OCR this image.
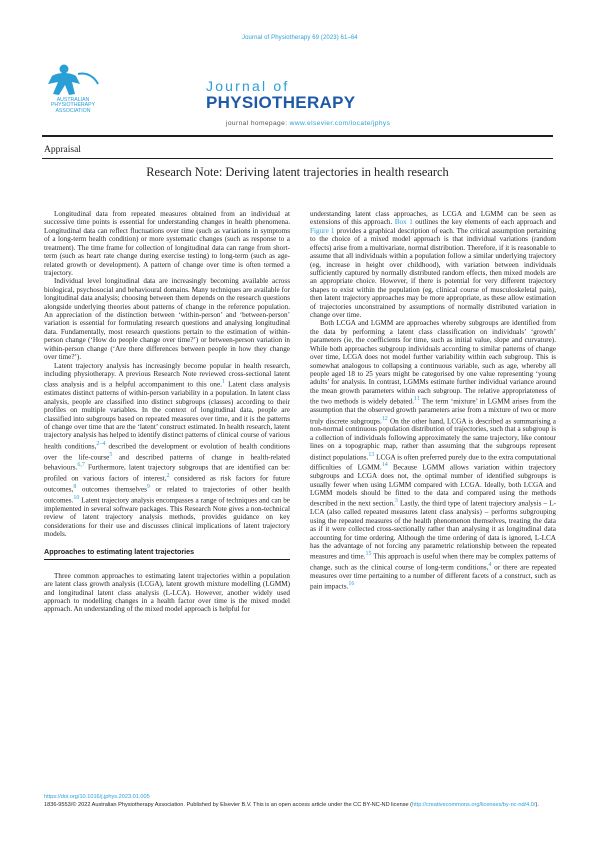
Journal of Physiotherapy 69 (2023) 61–64
AUSTRALIAN
PHYSIOTHERAPY
ASSOCIATION
Journal of
PHYSIOTHERAPY
journal homepage: www.elsevier.com/locate/jphys
Appraisal
Research Note: Deriving latent trajectories in health research

Longitudinal data from repeated measures obtained from an individual at successive time points is essential for understanding changes in health phenomena. Longitudinal data can reflect fluctuations over time (such as variations in symptoms of a long-term health condition) or more systematic changes (such as response to a treatment). The time frame for collection of longitudinal data can range from short-term (such as heart rate change during exercise testing) to long-term (such as age-related growth or development). A pattern of change over time is often termed a trajectory.

Individual level longitudinal data are increasingly becoming available across biological, psychosocial and behavioural domains. Many techniques are available for longitudinal data analysis; choosing between them depends on the research questions alongside underlying theories about patterns of change in the reference population. An appreciation of the distinction between ‘within-person’ and ‘between-person’ variation is essential for formulating research questions and analysing longitudinal data. Fundamentally, most research questions pertain to the estimation of within-person change (‘How do people change over time?’) or between-person variation in within-person change (‘Are there differences between people in how they change over time?’).

Latent trajectory analysis has increasingly become popular in health research, including physiotherapy. A previous Research Note reviewed cross-sectional latent class analysis and is a helpful accompaniment to this one.$^1$ Latent class analysis estimates distinct patterns of within-person variability in a population. In latent class analysis, people are classified into distinct subgroups (classes) according to their profiles on multiple variables. In the context of longitudinal data, people are classified into subgroups based on repeated measures over time, and it is the patterns of change over time that are the ‘latent’ construct estimated. In health research, latent trajectory analysis has helped to identify distinct patterns of clinical course of various health conditions,$^{2-4}$ described the development or evolution of health conditions over the life-course$^5$ and described patterns of change in health-related behaviours.$^{6,7}$ Furthermore, latent trajectory subgroups that are identified can be: profiled on various factors of interest,$^2$ considered as risk factors for future outcomes,$^8$ outcomes themselves$^9$ or related to trajectories of other health outcomes.$^{10}$ Latent trajectory analysis encompasses a range of techniques and can be implemented in several software packages. This Research Note gives a non-technical review of latent trajectory analysis methods, provides guidance on key considerations for their use and discusses clinical implications of latent trajectory models.

Approaches to estimating latent trajectories

Three common approaches to estimating latent trajectories within a population are latent class growth analysis (LCGA), latent growth mixture modelling (LGMM) and longitudinal latent class analysis (L-LCA). However, another widely used approach to modelling changes in a health factor over time is the mixed model approach. An understanding of the mixed model approach is helpful for

understanding latent class approaches, as LCGA and LGMM can be seen as extensions of this approach. Box 1 outlines the key elements of each approach and Figure 1 provides a graphical description of each. The critical assumption pertaining to the choice of a mixed model approach is that individual variations (random effects) arise from a multivariate, normal distribution. Therefore, if it is reasonable to assume that all individuals within a population follow a similar underlying trajectory (eg, increase in height over childhood), with variation between individuals sufficiently captured by normally distributed random effects, then mixed models are an appropriate choice. However, if there is potential for very different trajectory shapes to exist within the population (eg, clinical course of musculoskeletal pain), then latent trajectory approaches may be more appropriate, as these allow estimation of trajectories unconstrained by assumptions of normally distributed variation in change over time.

Both LCGA and LGMM are approaches whereby subgroups are identified from the data by performing a latent class classification on individuals’ ‘growth’ parameters (ie, the coefficients for time, such as initial value, slope and curvature). While both approaches subgroup individuals according to similar patterns of change over time, LCGA does not model further variability within each subgroup. This is somewhat analogous to collapsing a continuous variable, such as age, whereby all people aged 18 to 25 years might be categorised by one value representing ‘young adults’ for analysis. In contrast, LGMMs estimate further individual variance around the mean growth parameters within each subgroup. The relative appropriateness of the two methods is widely debated.$^{11}$ The term ‘mixture’ in LGMM arises from the assumption that the observed growth parameters arise from a mixture of two or more truly discrete subgroups.$^{12}$ On the other hand, LCGA is described as summarising a non-normal continuous population distribution of trajectories, such that a subgroup is a collection of individuals following approximately the same trajectory, like contour lines on a topographic map, rather than assuming that the subgroups represent distinct populations.$^{13}$ LCGA is often preferred purely due to the extra computational difficulties of LGMM.$^{14}$ Because LGMM allows variation within trajectory subgroups and LCGA does not, the optimal number of identified subgroups is usually fewer when using LGMM compared with LCGA. Ideally, both LCGA and LGMM models should be fitted to the data and compared using the methods described in the next section.$^3$ Lastly, the third type of latent trajectory analysis – L-LCA (also called repeated measures latent class analysis) – performs subgrouping using the repeated measures of the health phenomenon themselves, treating the data as if it were collected cross-sectionally rather than analysing it as longitudinal data accounting for time ordering. Although the time ordering of data is ignored, L-LCA has the advantage of not forcing any parametric relationship between the repeated measures and time.$^{15}$ This approach is useful when there may be complex patterns of change, such as the clinical course of long-term conditions,$^4$ or there are repeated measures over time pertaining to a number of different facets of a construct, such as pain impacts.$^{16}$

https://doi.org/10.1016/j.jphys.2023.01.005
1836-9553/© 2022 Australian Physiotherapy Association. Published by Elsevier B.V. This is an open access article under the CC BY-NC-ND license (http://creativecommons.org/licenses/by-nc-nd/4.0/).
